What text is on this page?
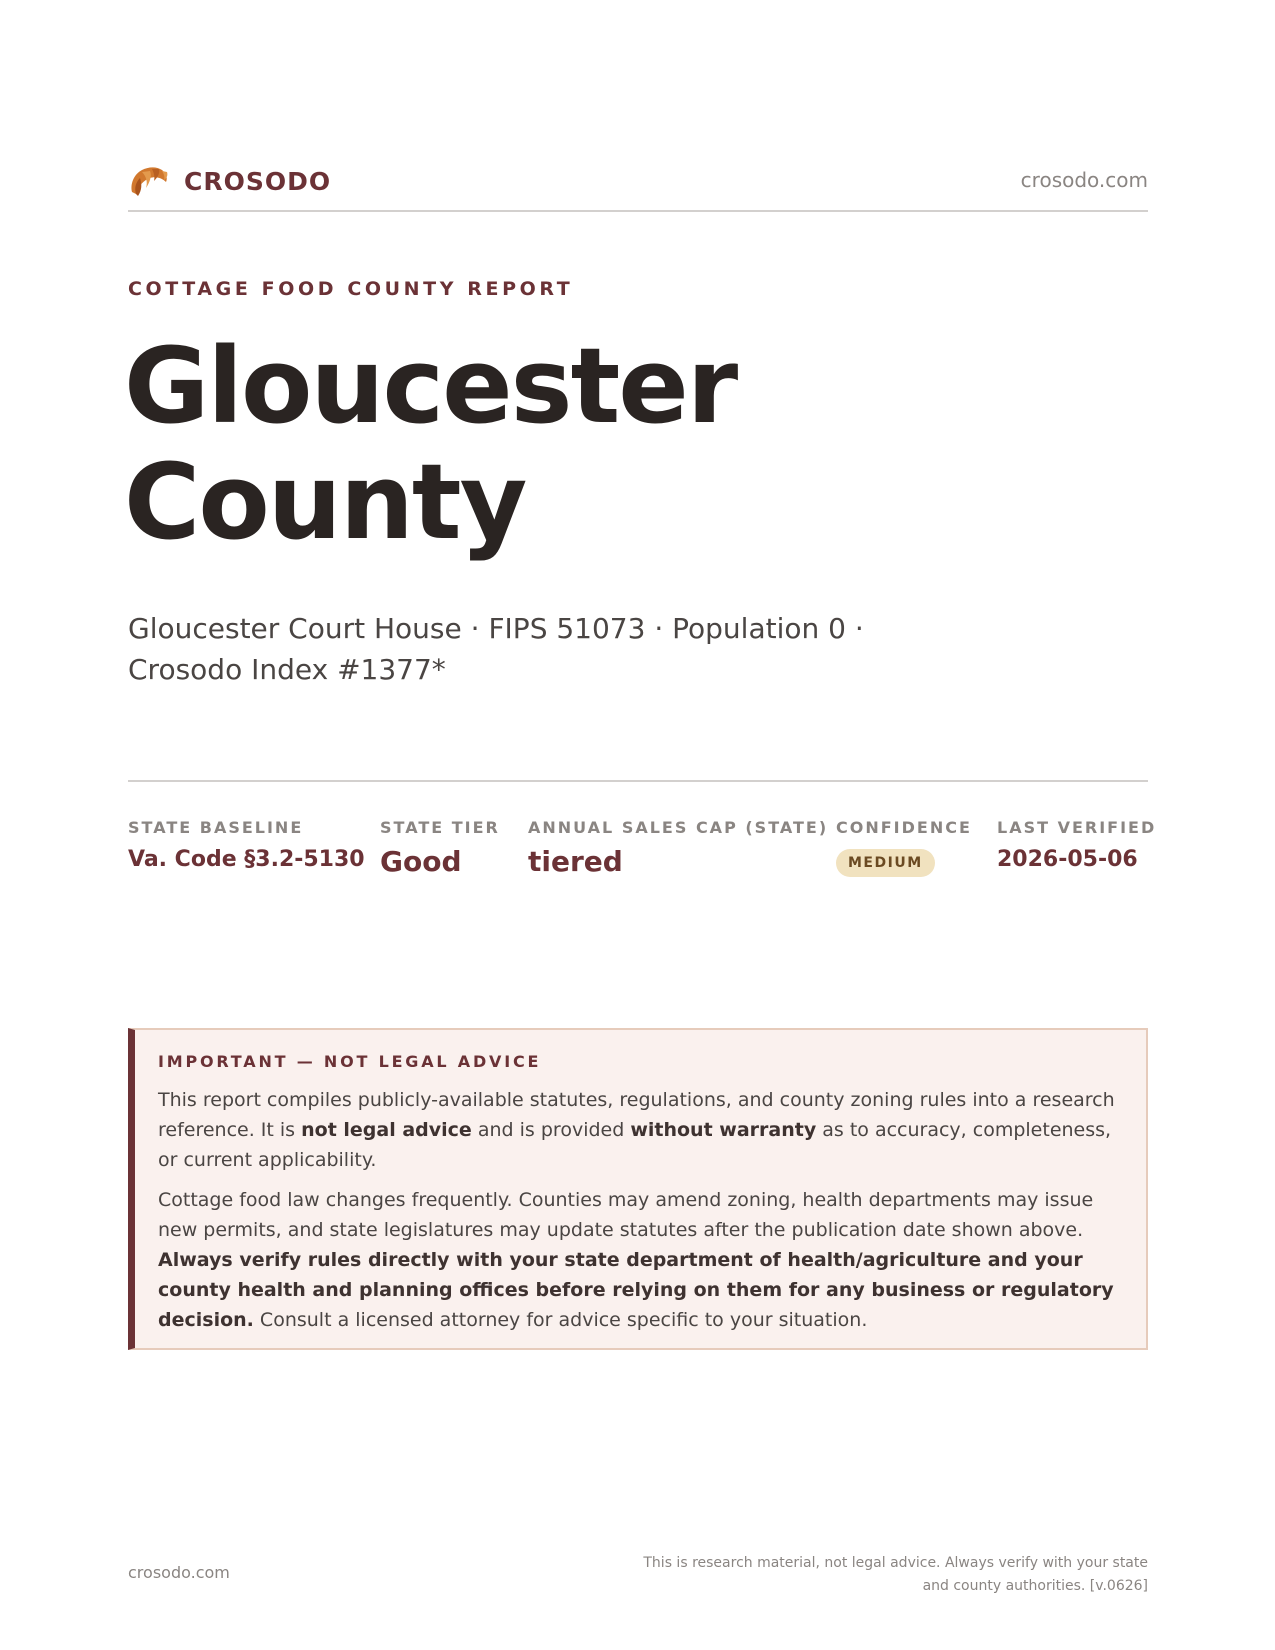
CROSODO	crosodo.com
COTTAGE FOOD COUNTY REPORT
Gloucester
County
Gloucester Court House · FIPS 51073 · Population 0 ·
Crosodo Index #1377*
STATE BASELINE
Va. Code §3.2-5130
STATE TIER
Good
ANNUAL SALES CAP (STATE)
tiered
CONFIDENCE
MEDIUM
LAST VERIFIED
2026-05-06
IMPORTANT — NOT LEGAL ADVICE

This report compiles publicly-available statutes, regulations, and county zoning rules into a research reference. It is not legal advice and is provided without warranty as to accuracy, completeness, or current applicability.

Cottage food law changes frequently. Counties may amend zoning, health departments may issue new permits, and state legislatures may update statutes after the publication date shown above. Always verify rules directly with your state department of health/agriculture and your county health and planning offices before relying on them for any business or regulatory decision. Consult a licensed attorney for advice specific to your situation.

crosodo.com	This is research material, not legal advice. Always verify with your state
and county authorities. [v.0626]
